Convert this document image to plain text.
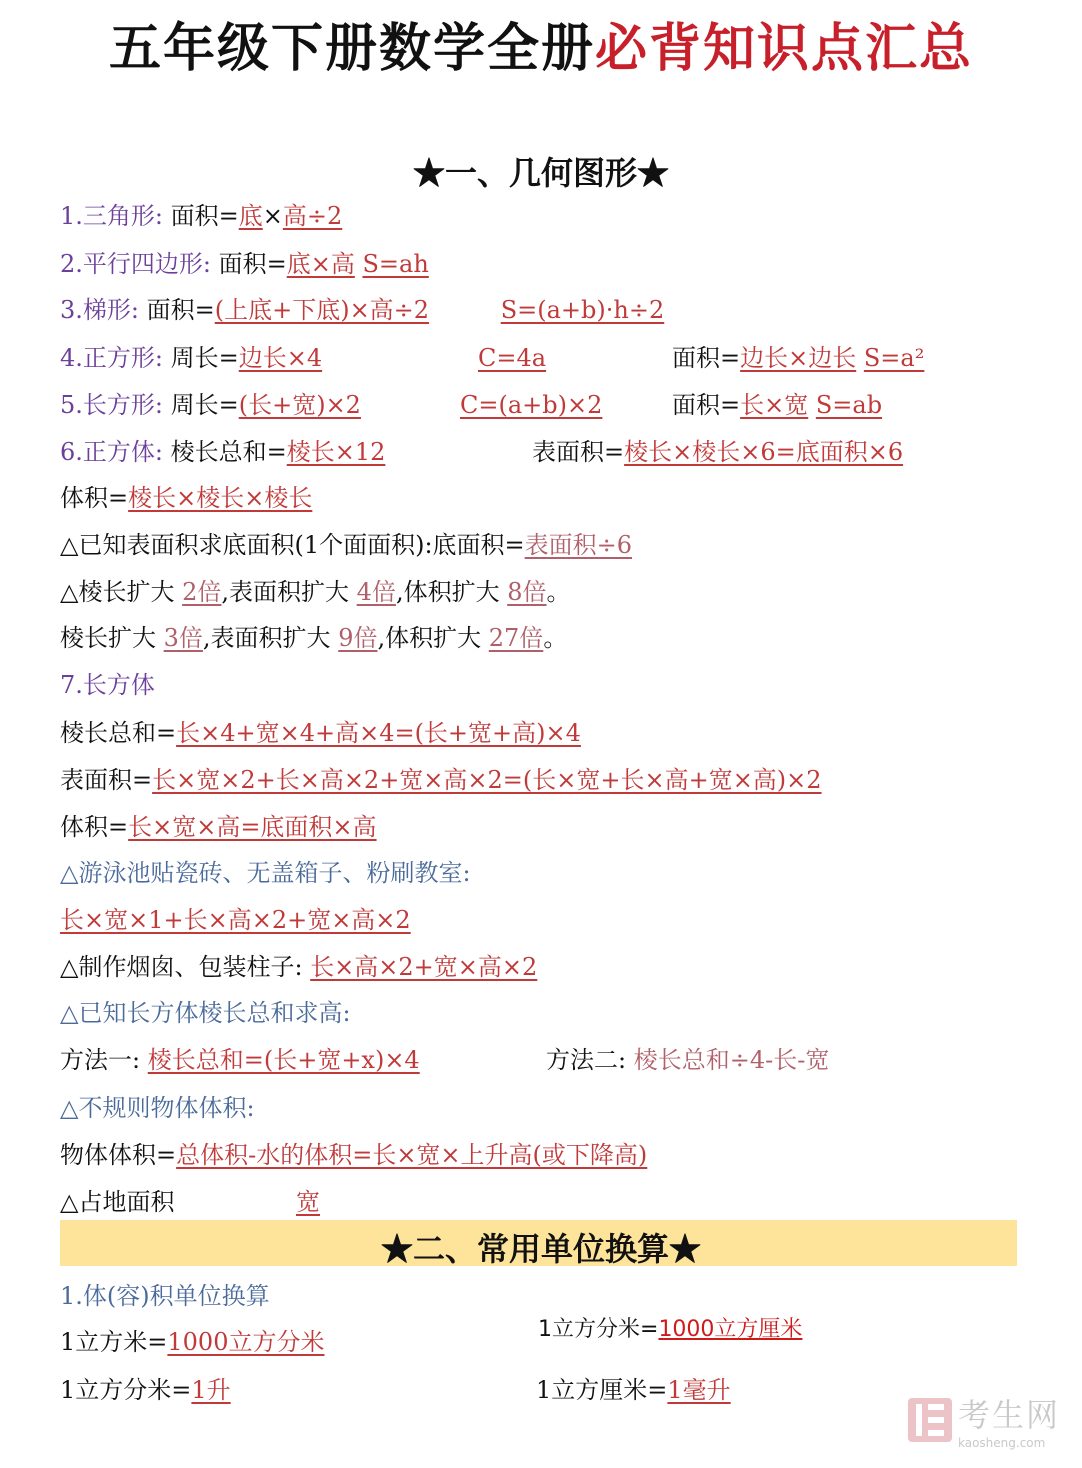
五年级下册数学全册必背知识点汇总
★一、几何图形★
1.三角形: 面积=底×高÷2
2.平行四边形: 面积=底×高 S=ah
3.梯形: 面积=(上底+下底)×高÷2	S=(a+b)·h÷2
4.正方形: 周长=边长×4	C=4a	面积=边长×边长 S=a²
5.长方形: 周长=(长+宽)×2	C=(a+b)×2	面积=长×宽 S=ab
6.正方体: 棱长总和=棱长×12	表面积=棱长×棱长×6=底面积×6
体积=棱长×棱长×棱长
△已知表面积求底面积(1个面面积):底面积=表面积÷6
△棱长扩大 2倍,表面积扩大 4倍,体积扩大 8倍。
棱长扩大 3倍,表面积扩大 9倍,体积扩大 27倍。
7.长方体
棱长总和=长×4+宽×4+高×4=(长+宽+高)×4
表面积=长×宽×2+长×高×2+宽×高×2=(长×宽+长×高+宽×高)×2
体积=长×宽×高=底面积×高
△游泳池贴瓷砖、无盖箱子、粉刷教室:
长×宽×1+长×高×2+宽×高×2
△制作烟囱、包装柱子: 长×高×2+宽×高×2
△已知长方体棱长总和求高:
方法一: 棱长总和=(长+宽+x)×4	方法二: 棱长总和÷4-长-宽
△不规则物体体积:
物体体积=总体积-水的体积=长×宽×上升高(或下降高)
△占地面积	宽
★二、常用单位换算★
1.体(容)积单位换算
1立方米=1000立方分米	1立方分米=1000立方厘米
1立方分米=1升	1立方厘米=1毫升
考生网
kaosheng.com
